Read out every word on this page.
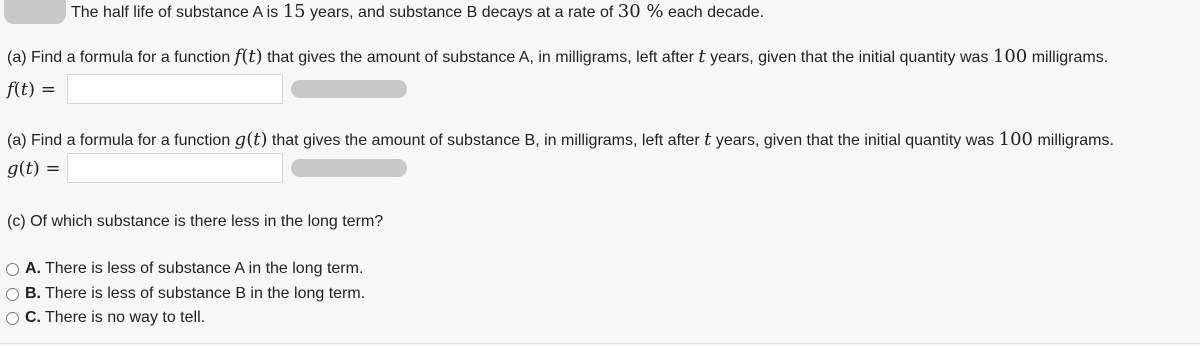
The half life of substance A is 15 years, and substance B decays at a rate of 30 % each decade.
(a) Find a formula for a function f(t) that gives the amount of substance A, in milligrams, left after t years, given that the initial quantity was 100 milligrams.
f(t) =
(a) Find a formula for a function g(t) that gives the amount of substance B, in milligrams, left after t years, given that the initial quantity was 100 milligrams.
g(t) =
(c) Of which substance is there less in the long term?
A. There is less of substance A in the long term.
B. There is less of substance B in the long term.
C. There is no way to tell.
